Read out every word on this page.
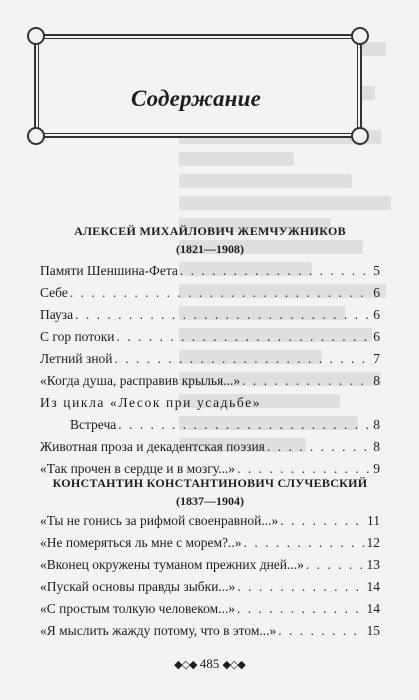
Содержание
АЛЕКСЕЙ МИХАЙЛОВИЧ ЖЕМЧУЖНИКОВ
(1821—1908)
Памяти Шеншина-Фета . . .	5
Себе . . .	6
Пауза . . .	6
С гор потоки . . .	6
Летний зной . . .	7
«Когда душа, расправив крылья...» . . .	8
Из цикла «Лесок при усадьбе»
Встреча . . .	8
Животная проза и декадентская поэзия . . .	8
«Так прочен в сердце и в мозгу...» . . .	9
КОНСТАНТИН КОНСТАНТИНОВИЧ СЛУЧЕВСКИЙ
(1837—1904)
«Ты не гонись за рифмой своенравной...» . . .	11
«Не померяться ль мне с морем?..» . . .	12
«Вконец окружены туманом прежних дней...» . . .	13
«Пускай основы правды зыбки...» . . .	14
«С простым толкую человеком...» . . .	14
«Я мыслить жажду потому, что в этом...» . . .	15
◆◇◆ 485 ◆◇◆
